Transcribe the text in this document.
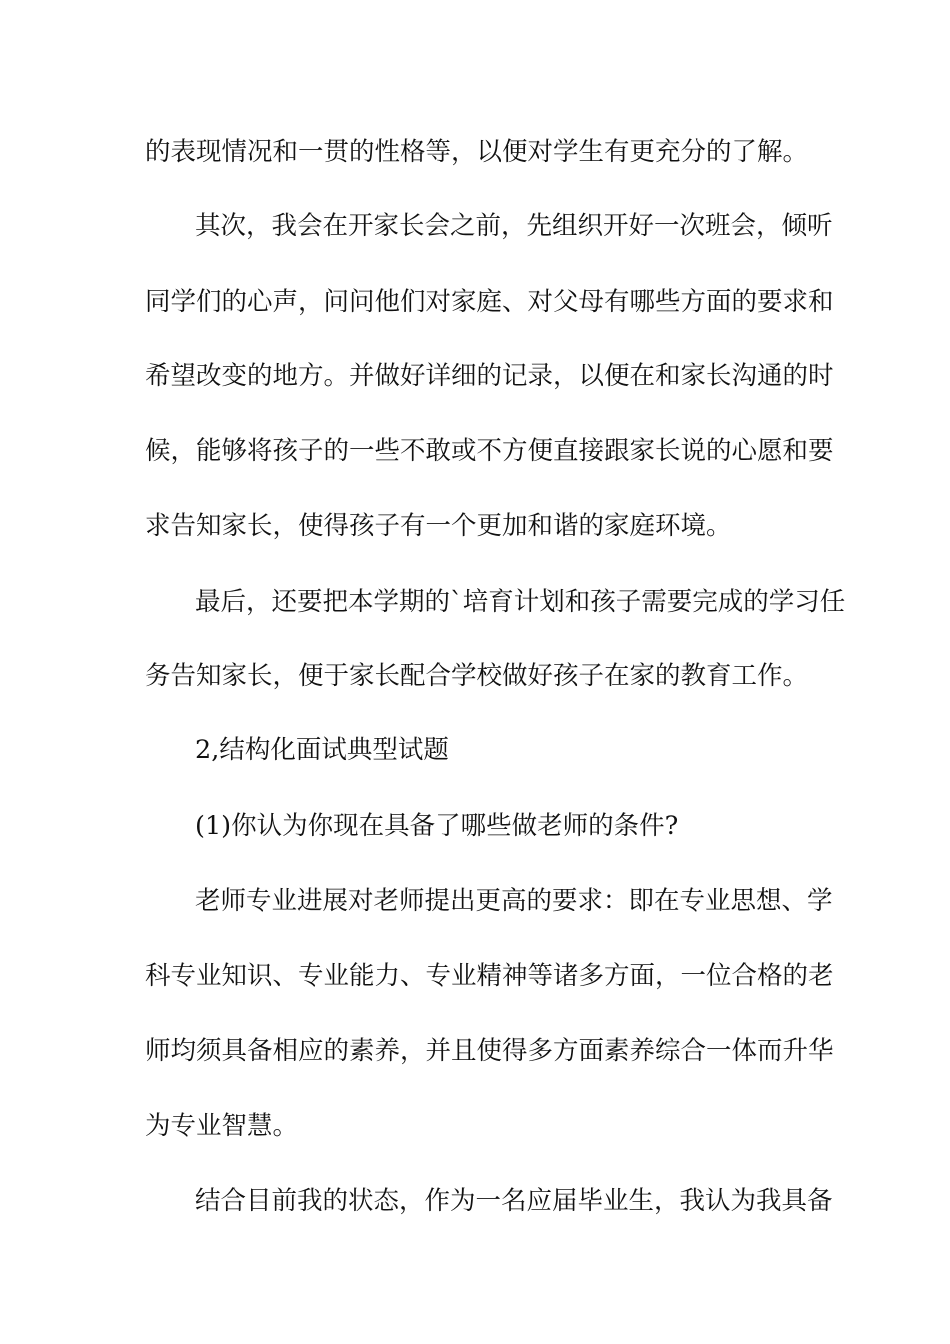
的表现情况和一贯的性格等，以便对学生有更充分的了解。
其次，我会在开家长会之前，先组织开好一次班会，倾听
同学们的心声，问问他们对家庭、对父母有哪些方面的要求和
希望改变的地方。并做好详细的记录，以便在和家长沟通的时
候，能够将孩子的一些不敢或不方便直接跟家长说的心愿和要
求告知家长，使得孩子有一个更加和谐的家庭环境。
最后，还要把本学期的`培育计划和孩子需要完成的学习任
务告知家长，便于家长配合学校做好孩子在家的教育工作。
2,结构化面试典型试题
(1)你认为你现在具备了哪些做老师的条件?
老师专业进展对老师提出更高的要求：即在专业思想、学
科专业知识、专业能力、专业精神等诸多方面，一位合格的老
师均须具备相应的素养，并且使得多方面素养综合一体而升华
为专业智慧。
结合目前我的状态，作为一名应届毕业生，我认为我具备
